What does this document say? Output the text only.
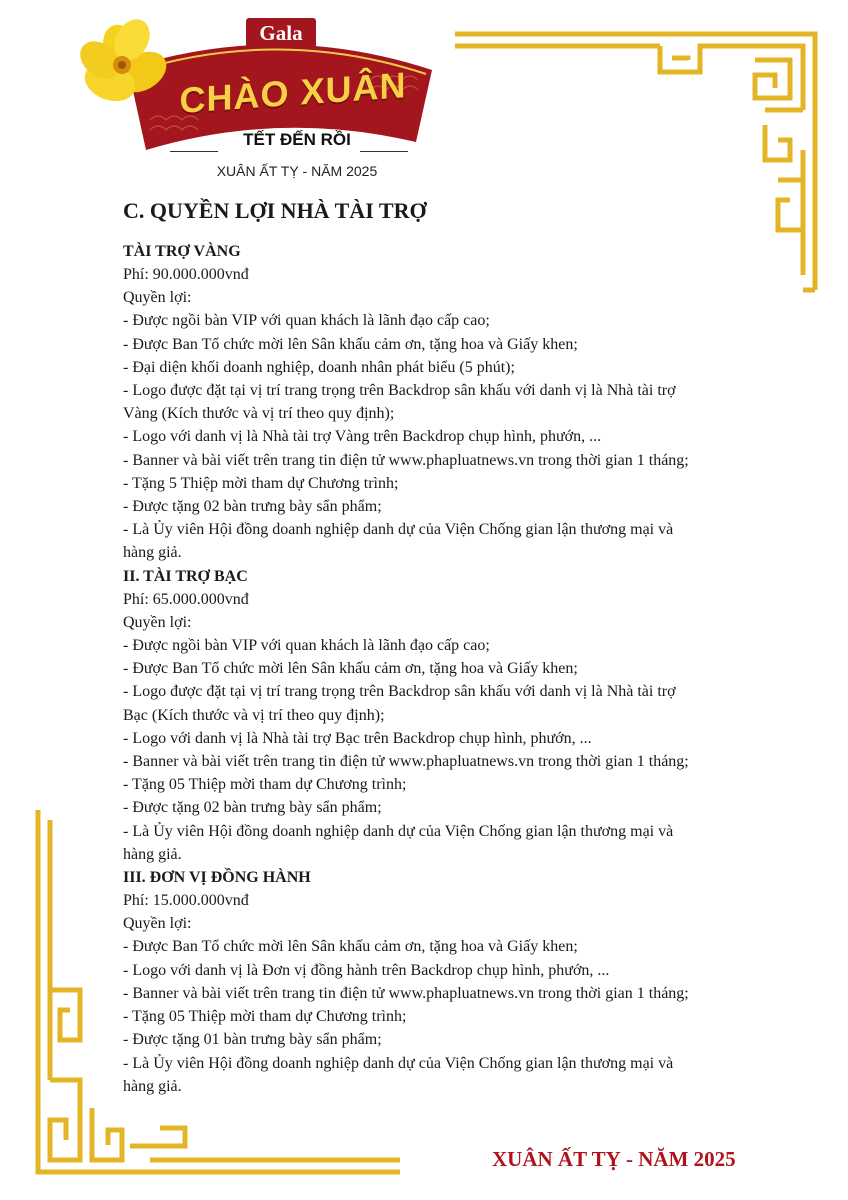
Gala
CHÀO XUÂN
TẾT ĐẾN RỒI
XUÂN ẤT TỴ - NĂM 2025
C. QUYỀN LỢI NHÀ TÀI TRỢ

TÀI TRỢ VÀNG

Phí: 90.000.000vnđ

Quyền lợi:

- Được ngồi bàn VIP với quan khách là lãnh đạo cấp cao;

- Được Ban Tổ chức mời lên Sân khấu cảm ơn, tặng hoa và Giấy khen;

- Đại diện khối doanh nghiệp, doanh nhân phát biểu (5 phút);

- Logo được đặt tại vị trí trang trọng trên Backdrop sân khấu với danh vị là Nhà tài trợ

Vàng (Kích thước và vị trí theo quy định);

- Logo với danh vị là Nhà tài trợ Vàng trên Backdrop chụp hình, phướn, ...

- Banner và bài viết trên trang tin điện tử www.phapluatnews.vn trong thời gian 1 tháng;

- Tặng 5 Thiệp mời tham dự Chương trình;

- Được tặng 02 bàn trưng bày sẩn phẩm;

- Là Ủy viên Hội đồng doanh nghiệp danh dự của Viện Chống gian lận thương mại và

hàng giả.

II. TÀI TRỢ BẠC

Phí: 65.000.000vnđ

Quyền lợi:

- Được ngồi bàn VIP với quan khách là lãnh đạo cấp cao;

- Được Ban Tổ chức mời lên Sân khấu cảm ơn, tặng hoa và Giấy khen;

- Logo được đặt tại vị trí trang trọng trên Backdrop sân khấu với danh vị là Nhà tài trợ

Bạc (Kích thước và vị trí theo quy định);

- Logo với danh vị là Nhà tài trợ Bạc trên Backdrop chụp hình, phướn, ...

- Banner và bài viết trên trang tin điện tử www.phapluatnews.vn trong thời gian 1 tháng;

- Tặng 05 Thiệp mời tham dự Chương trình;

- Được tặng 02 bàn trưng bày sẩn phẩm;

- Là Ủy viên Hội đồng doanh nghiệp danh dự của Viện Chống gian lận thương mại và

hàng giả.

III. ĐƠN VỊ ĐỒNG HÀNH

Phí: 15.000.000vnđ

Quyền lợi:

- Được Ban Tổ chức mời lên Sân khấu cảm ơn, tặng hoa và Giấy khen;

- Logo với danh vị là Đơn vị đồng hành trên Backdrop chụp hình, phướn, ...

- Banner và bài viết trên trang tin điện tử www.phapluatnews.vn trong thời gian 1 tháng;

- Tặng 05 Thiệp mời tham dự Chương trình;

- Được tặng 01 bàn trưng bày sẩn phẩm;

- Là Ủy viên Hội đồng doanh nghiệp danh dự của Viện Chống gian lận thương mại và

hàng giả.

XUÂN ẤT TỴ - NĂM 2025
